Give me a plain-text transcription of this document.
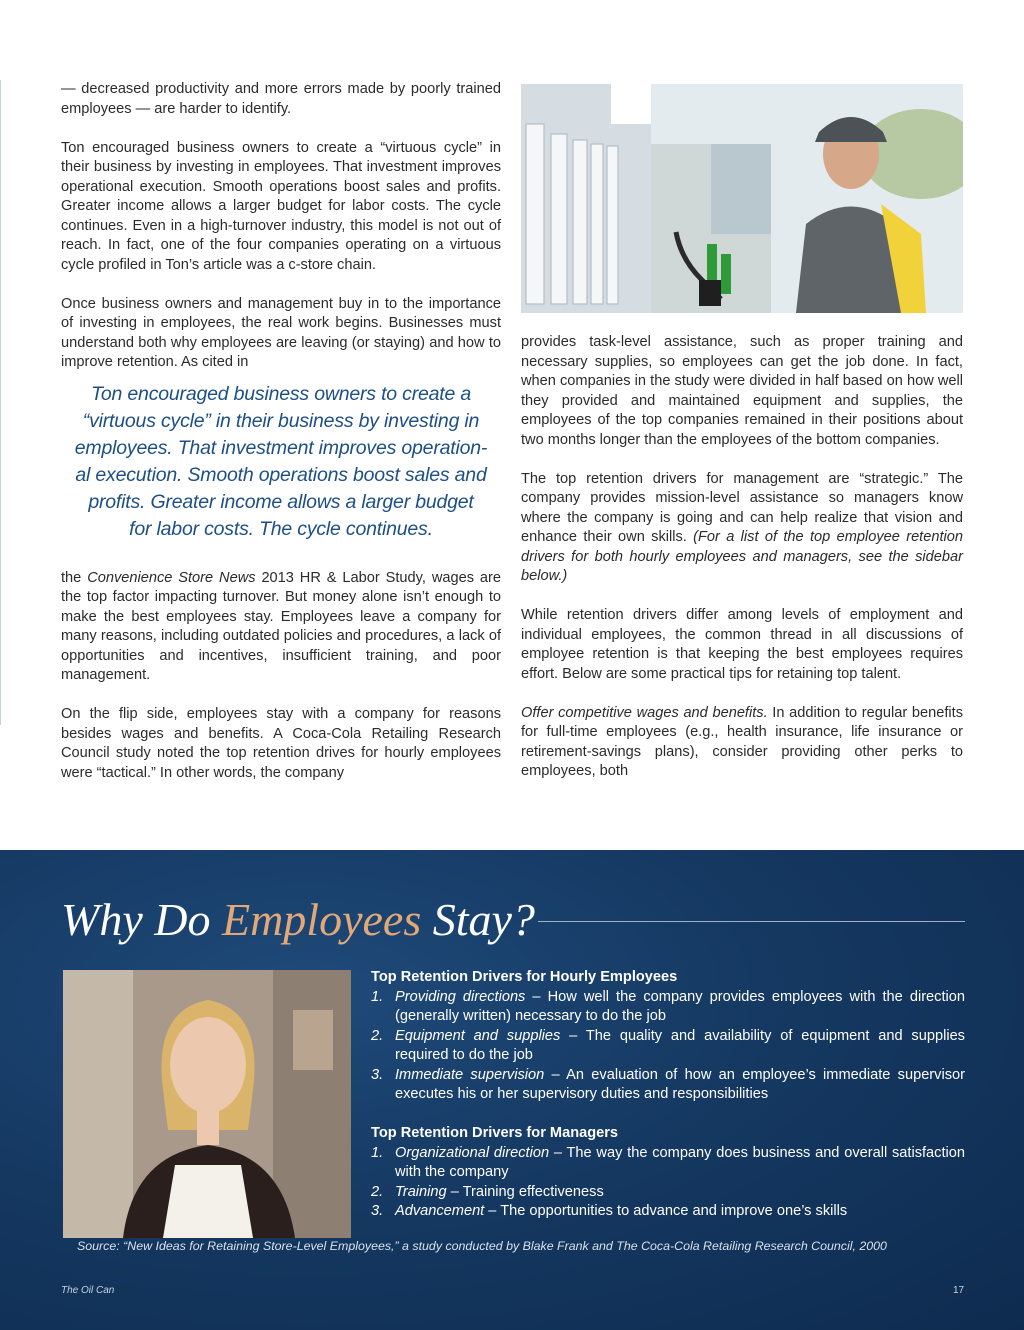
— decreased productivity and more errors made by poorly trained employees — are harder to identify.

Ton encouraged business owners to create a “virtuous cycle” in their business by investing in employees. That investment improves operational execution. Smooth operations boost sales and profits. Greater income allows a larger budget for labor costs. The cycle continues. Even in a high-turnover industry, this model is not out of reach. In fact, one of the four companies operating on a virtuous cycle profiled in Ton’s article was a c-store chain.

Once business owners and management buy in to the importance of investing in employees, the real work begins. Businesses must understand both why employees are leaving (or staying) and how to improve retention. As cited in

Ton encouraged business owners to create a
“virtuous cycle” in their business by investing in
employees. That investment improves operation-
al execution. Smooth operations boost sales and
profits. Greater income allows a larger budget
for labor costs. The cycle continues.

the Convenience Store News 2013 HR & Labor Study, wages are the top factor impacting turnover. But money alone isn’t enough to make the best employees stay. Employees leave a company for many reasons, including outdated policies and procedures, a lack of opportunities and incentives, insufficient training, and poor management.

On the flip side, employees stay with a company for reasons besides wages and benefits. A Coca-Cola Retailing Research Council study noted the top retention drives for hourly employees were “tactical.” In other words, the company

provides task-level assistance, such as proper training and necessary supplies, so employees can get the job done. In fact, when companies in the study were divided in half based on how well they provided and maintained equipment and supplies, the employees of the top companies remained in their positions about two months longer than the employees of the bottom companies.

The top retention drivers for management are “strategic.” The company provides mission-level assistance so managers know where the company is going and can help realize that vision and enhance their own skills. (For a list of the top employee retention drivers for both hourly employees and managers, see the sidebar below.)

While retention drivers differ among levels of employment and individual employees, the common thread in all discussions of employee retention is that keeping the best employees requires effort. Below are some practical tips for retaining top talent.

Offer competitive wages and benefits. In addition to regular benefits for full-time employees (e.g., health insurance, life insurance or retirement-savings plans), consider providing other perks to employees, both

Why Do Employees Stay?
Top Retention Drivers for Hourly Employees
1. Providing directions – How well the company provides employees with the direction (generally written) necessary to do the job
2. Equipment and supplies – The quality and availability of equipment and supplies required to do the job
3. Immediate supervision – An evaluation of how an employee’s immediate supervisor executes his or her supervisory duties and responsibilities
Top Retention Drivers for Managers
1. Organizational direction – The way the company does business and overall satisfaction with the company
2. Training – Training effectiveness
3. Advancement – The opportunities to advance and improve one’s skills
Source: “New Ideas for Retaining Store-Level Employees,” a study conducted by Blake Frank and The Coca-Cola Retailing Research Council, 2000
The Oil Can	17
